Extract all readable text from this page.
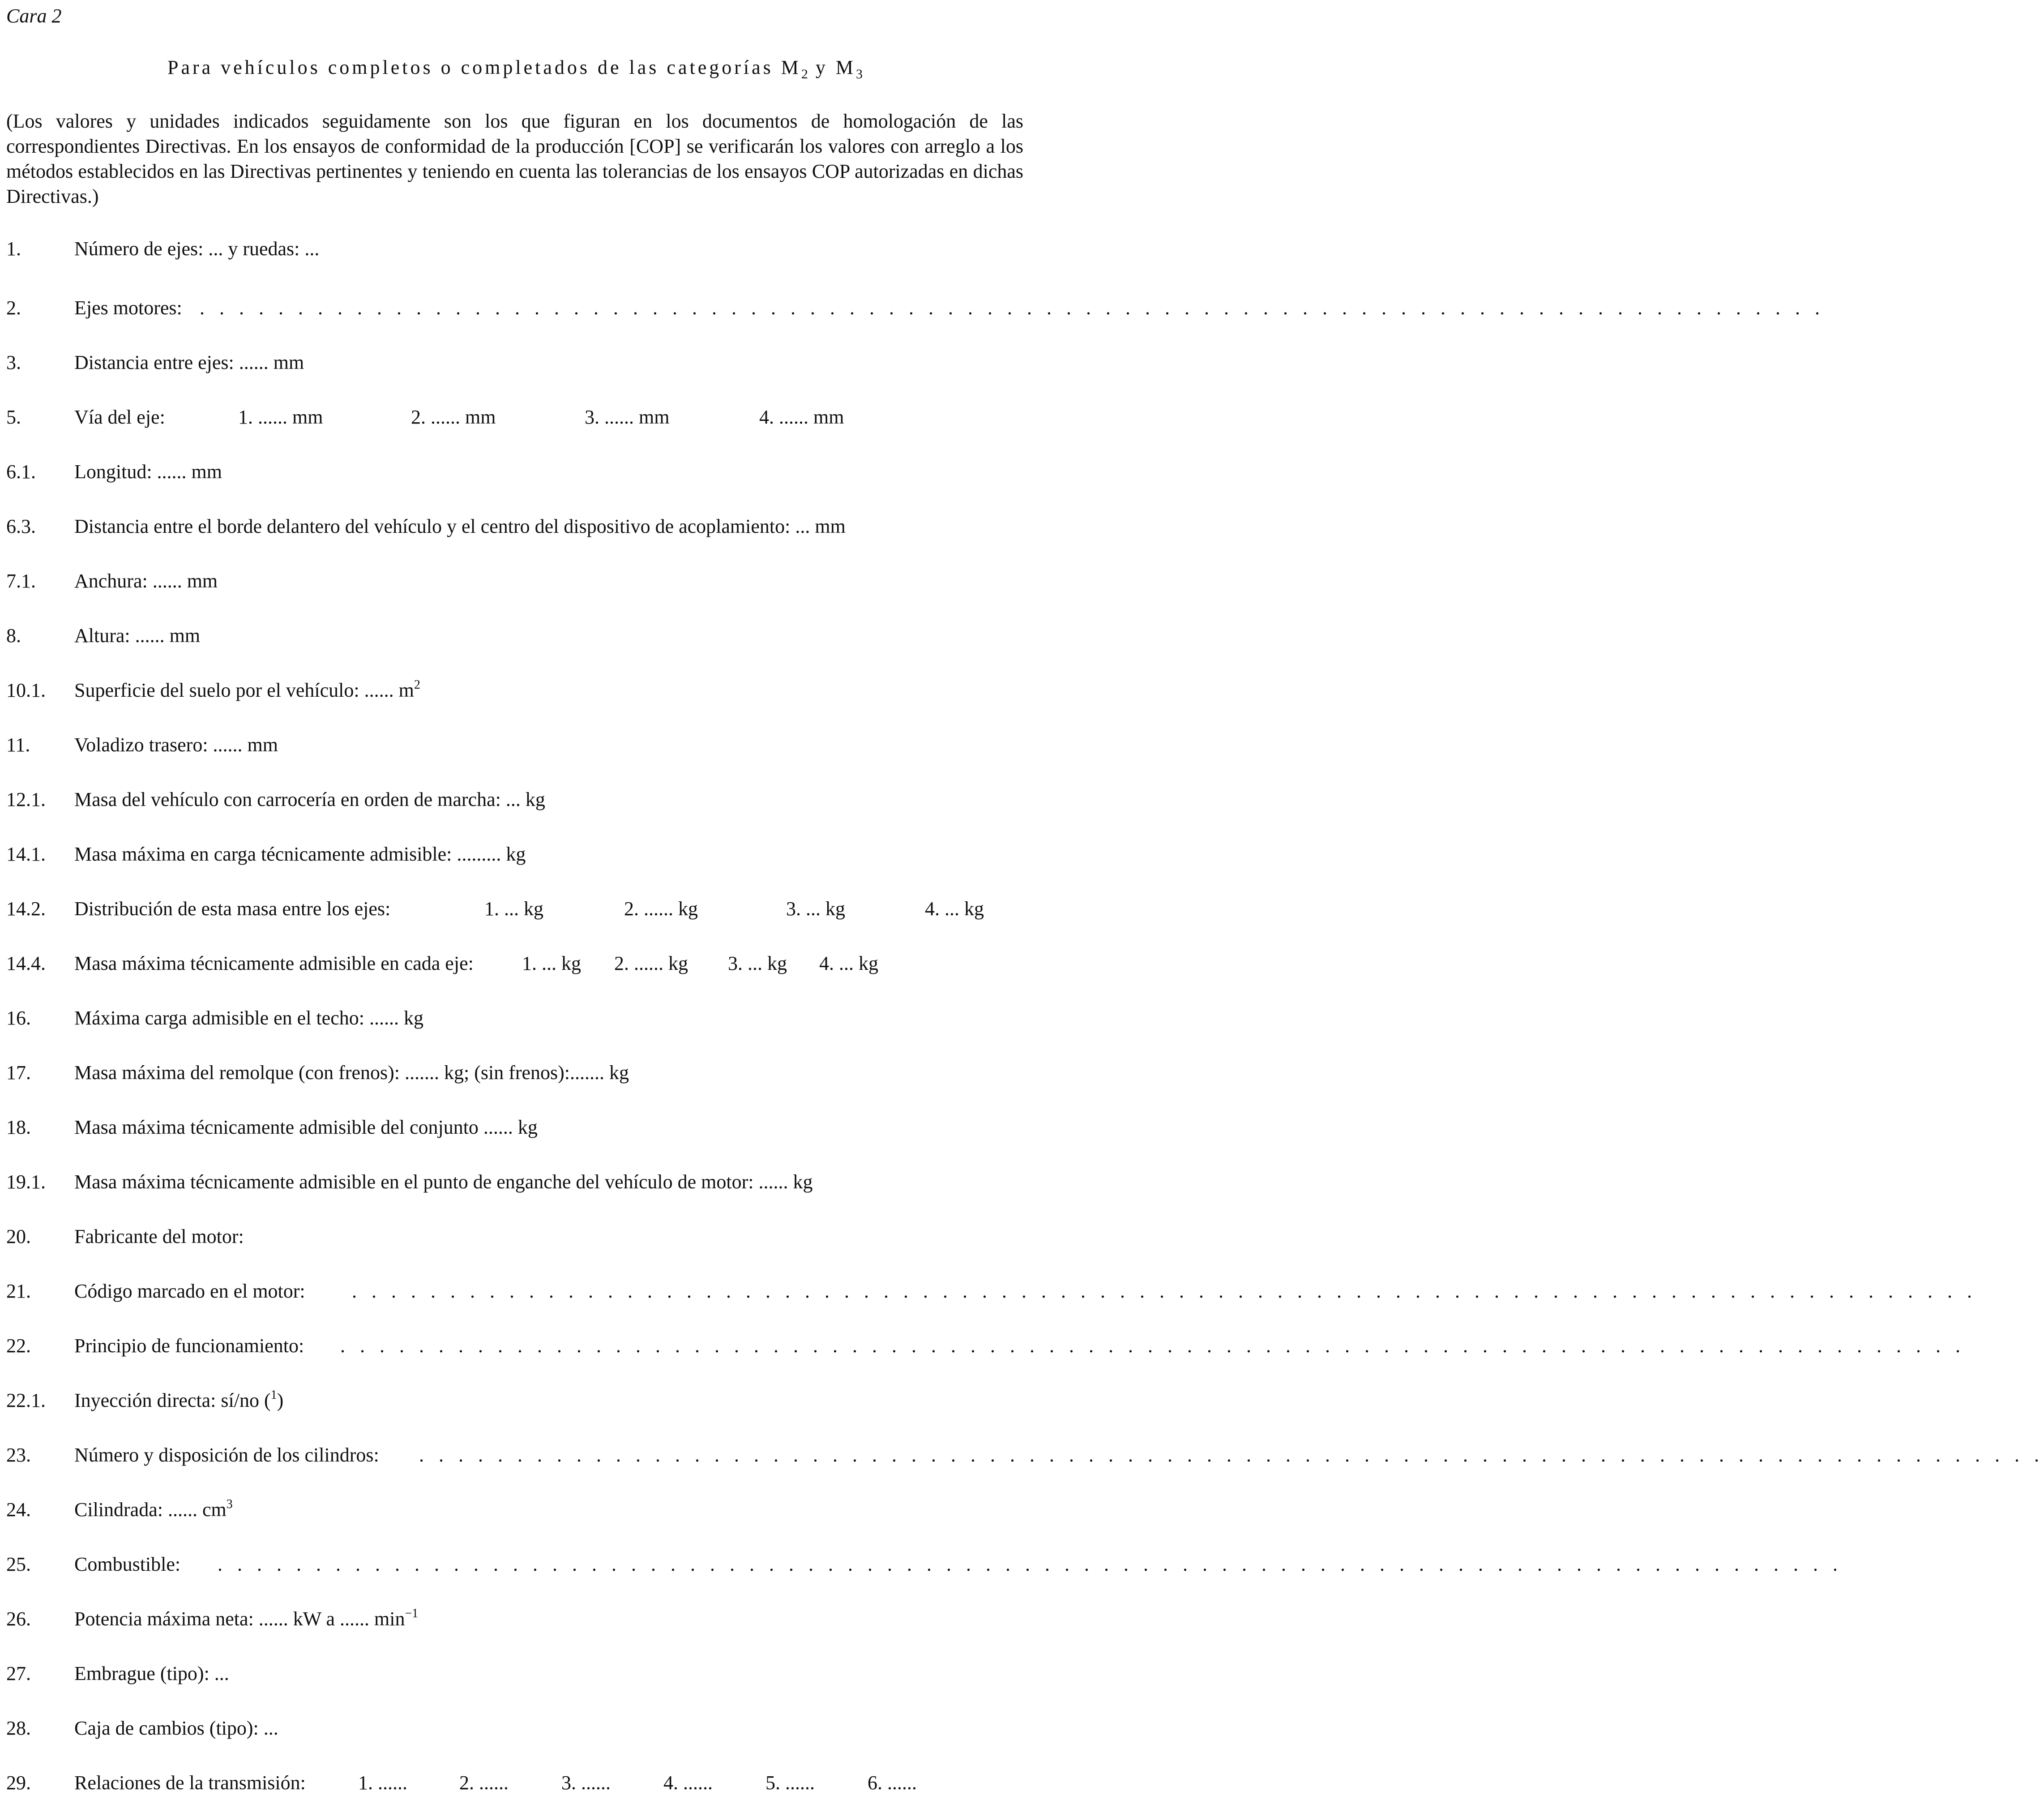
Cara 2
Para vehículos completos o completados de las categorías $M_2$ y $M_3$
(Los valores y unidades indicados seguidamente son los que figuran en los documentos de homologación de las correspondientes Directivas. En los ensayos de conformidad de la producción [COP] se verificarán los valores con arreglo a los métodos establecidos en las Directivas pertinentes y teniendo en cuenta las tolerancias de los ensayos COP autorizadas en dichas Directivas.)
1.	Número de ejes: ... y ruedas: ...
2.	Ejes motores: . . . . . . . . . . . . . . . . . . . . . . . . . . . . . . . . . . . . . . . . . . . . . . . . . . . . . . . . . . . . . . . . . . . . . . . . . . . . . . . . . . .
3.	Distancia entre ejes: ...... mm
5.	Vía del eje:	1. ...... mm	2. ...... mm	3. ...... mm	4. ...... mm
6.1. Longitud: ...... mm
6.3. Distancia entre el borde delantero del vehículo y el centro del dispositivo de acoplamiento: ... mm
7.1. Anchura: ...... mm
8.	Altura: ...... mm
10.1. Superficie del suelo por el vehículo: ...... $m^2$
11. Voladizo trasero: ...... mm
12.1. Masa del vehículo con carrocería en orden de marcha: ... kg
14.1. Masa máxima en carga técnicamente admisible: ......... kg
14.2. Distribución de esta masa entre los ejes:	1. ... kg	2. ...... kg	3. ... kg	4. ... kg
14.4. Masa máxima técnicamente admisible en cada eje: 1. ... kg 2. ...... kg 3. ... kg 4. ... kg
16. Máxima carga admisible en el techo: ...... kg
17. Masa máxima del remolque (con frenos): ....... kg; (sin frenos):....... kg
18. Masa máxima técnicamente admisible del conjunto ...... kg
19.1. Masa máxima técnicamente admisible en el punto de enganche del vehículo de motor: ...... kg
20. Fabricante del motor:
21. Código marcado en el motor: . . . . . . . . . . . . . . . . . . . . . . . . . . . . . . . . . . . . . . . . . . . . . . . . . . . . . . . . . . . . . . . . . . . . . . . . . . . . . . . . . . .
22. Principio de funcionamiento: . . . . . . . . . . . . . . . . . . . . . . . . . . . . . . . . . . . . . . . . . . . . . . . . . . . . . . . . . . . . . . . . . . . . . . . . . . . . . . . . . . .
22.1. Inyección directa: sí/no ($^1$)
23. Número y disposición de los cilindros: . . . . . . . . . . . . . . . . . . . . . . . . . . . . . . . . . . . . . . . . . . . . . . . . . . . . . . . . . . . . . . . . . . . . . . . . . . . . . . . . . . .
24. Cilindrada: ...... $cm^3$
25. Combustible: . . . . . . . . . . . . . . . . . . . . . . . . . . . . . . . . . . . . . . . . . . . . . . . . . . . . . . . . . . . . . . . . . . . . . . . . . . . . . . . . . . .
26. Potencia máxima neta: ...... kW a ...... $\min^{-1}$
27. Embrague (tipo): ...
28. Caja de cambios (tipo): ...
29. Relaciones de la transmisión:	1. ......	2. ......	3. ......	4. ......	5. ......	6. ......
